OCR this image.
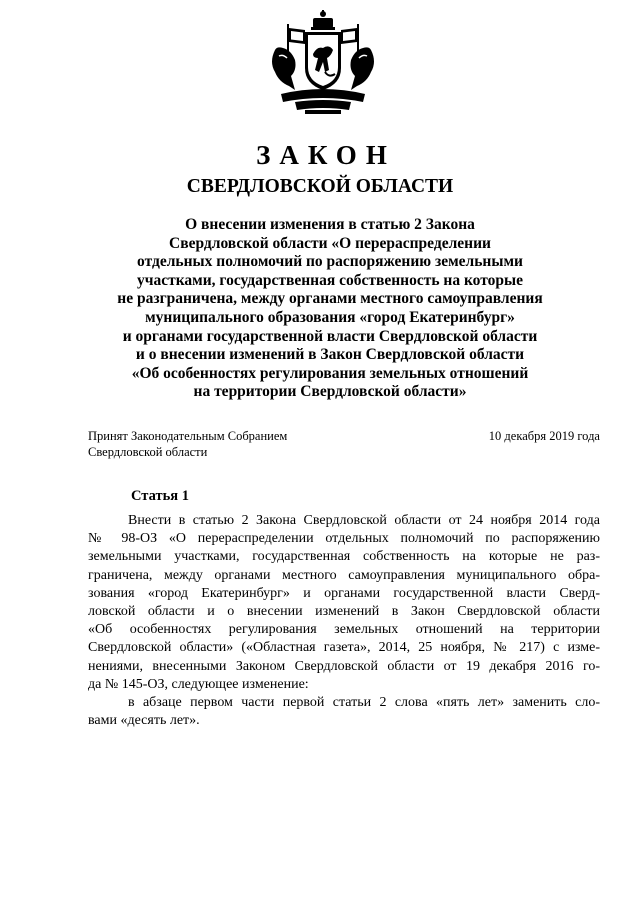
ЗАКОН
СВЕРДЛОВСКОЙ ОБЛАСТИ
О внесении изменения в статью 2 Закона
Свердловской области «О перераспределении
отдельных полномочий по распоряжению земельными
участками, государственная собственность на которые
не разграничена, между органами местного самоуправления
муниципального образования «город Екатеринбург»
и органами государственной власти Свердловской области
и о внесении изменений в Закон Свердловской области
«Об особенностях регулирования земельных отношений
на территории Свердловской области»
Принят Законодательным Собранием
Свердловской области
10 декабря 2019 года
Статья 1
Внести в статью 2 Закона Свердловской области от 24 ноября 2014 года
№ 98-ОЗ «О перераспределении отдельных полномочий по распоряжению
земельными участками, государственная собственность на которые не раз-
граничена, между органами местного самоуправления муниципального обра-
зования «город Екатеринбург» и органами государственной власти Сверд-
ловской области и о внесении изменений в Закон Свердловской области
«Об особенностях регулирования земельных отношений на территории
Свердловской области» («Областная газета», 2014, 25 ноября, № 217) с изме-
нениями, внесенными Законом Свердловской области от 19 декабря 2016 го-
да № 145-ОЗ, следующее изменение:
в абзаце первом части первой статьи 2 слова «пять лет» заменить сло-
вами «десять лет».
